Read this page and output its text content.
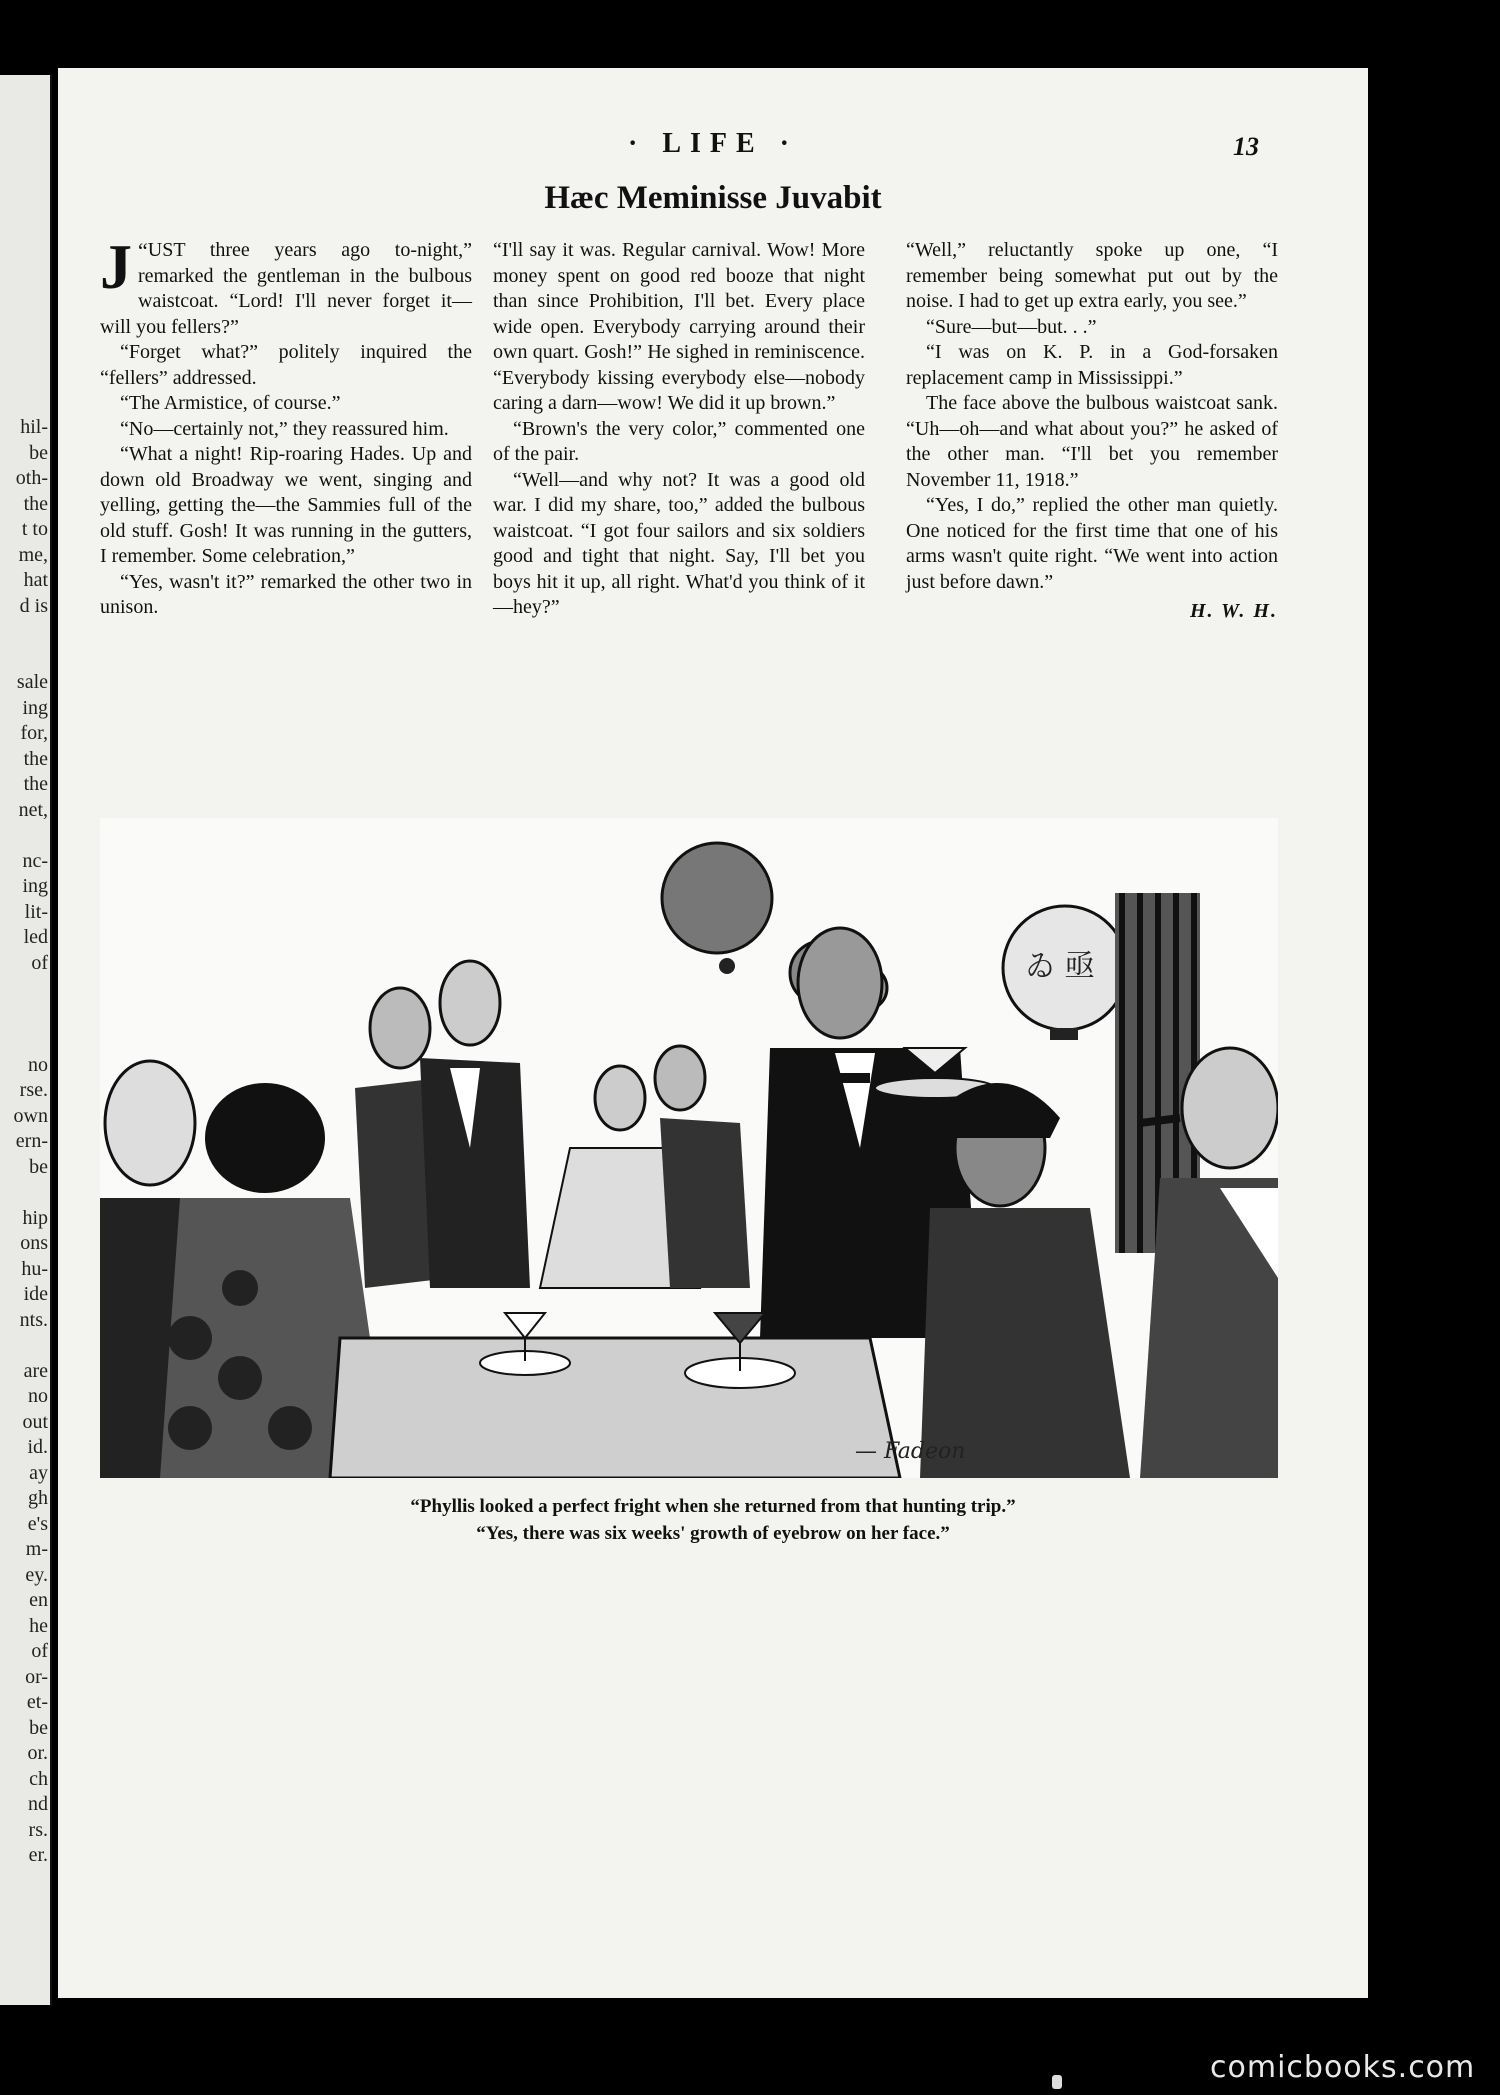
hil-
be
oth-
the
t to
me,
hat
d is

sale
ing
for,
the
the
net,

nc-
ing
lit-
led
of

no
rse.
own
ern-
be

hip
ons
hu-
ide
nts.

are
no
out
id.
ay
gh
e's
m-
ey.
en
he
of
or-
et-
be
or.
ch
nd
rs.
er.
· LIFE ·	13
Hæc Meminisse Juvabit

“
J UST three years ago to-night,” remarked the gentleman in the bulbous waistcoat. “Lord! I'll never forget it—will you fellers?”

“Forget what?” politely inquired the “fellers” addressed.

“The Armistice, of course.”

“No—certainly not,” they reassured him.

“What a night! Rip-roaring Hades. Up and down old Broadway we went, singing and yelling, getting the—the Sammies full of the old stuff. Gosh! It was running in the gutters, I remember. Some celebration,”

“Yes, wasn't it?” remarked the other two in unison.

“I'll say it was. Regular carnival. Wow! More money spent on good red booze that night than since Prohibition, I'll bet. Every place wide open. Everybody carrying around their own quart. Gosh!” He sighed in reminiscence. “Everybody kissing everybody else—nobody caring a darn—wow! We did it up brown.”

“Brown's the very color,” commented one of the pair.

“Well—and why not? It was a good old war. I did my share, too,” added the bulbous waistcoat. “I got four sailors and six soldiers good and tight that night. Say, I'll bet you boys hit it up, all right. What'd you think of it—hey?”

“Well,” reluctantly spoke up one, “I remember being somewhat put out by the noise. I had to get up extra early, you see.”

“Sure—but—but. . .”

“I was on K. P. in a God-forsaken replacement camp in Mississippi.”

The face above the bulbous waistcoat sank. “Uh—oh—and what about you?” he asked of the other man. “I'll bet you remember November 11, 1918.”

“Yes, I do,” replied the other man quietly. One noticed for the first time that one of his arms wasn't quite right. “We went into action just before dawn.”

H. W. H.
ゐ 亟
— Fadeon
“Phyllis looked a perfect fright when she returned from that hunting trip.”
“Yes, there was six weeks' growth of eyebrow on her face.”
comicbooks.com
